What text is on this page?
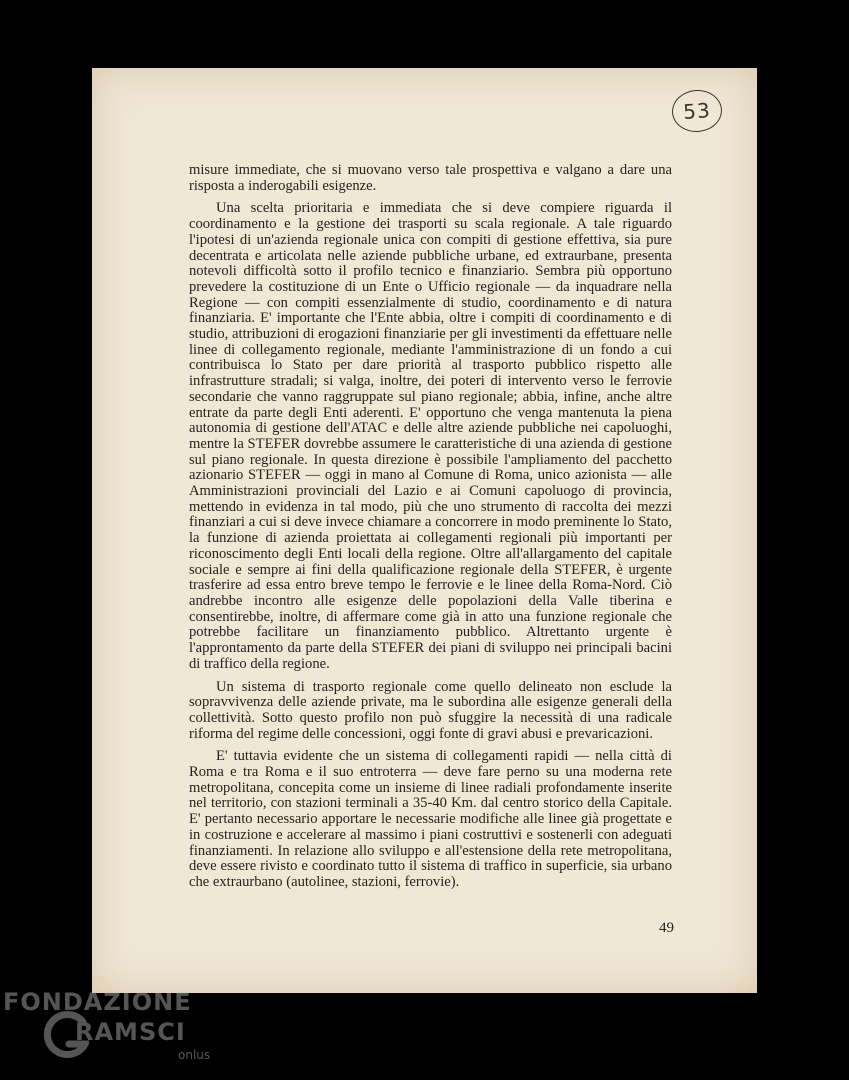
53

misure immediate, che si muovano verso tale prospettiva e valgano a dare una risposta a inderogabili esigenze.

Una scelta prioritaria e immediata che si deve compiere riguarda il coordinamento e la gestione dei trasporti su scala regionale. A tale riguardo l'ipotesi di un'azienda regionale unica con compiti di gestione effettiva, sia pure decentrata e articolata nelle aziende pubbliche urbane, ed extraurbane, presenta notevoli difficoltà sotto il profilo tecnico e finanziario. Sembra più opportuno prevedere la costituzione di un Ente o Ufficio regionale — da inquadrare nella Regione — con compiti essenzialmente di studio, coordinamento e di natura finanziaria. E' importante che l'Ente abbia, oltre i compiti di coordinamento e di studio, attribuzioni di erogazioni finanziarie per gli investimenti da effettuare nelle linee di collegamento regionale, mediante l'amministrazione di un fondo a cui contribuisca lo Stato per dare priorità al trasporto pubblico rispetto alle infrastrutture stradali; si valga, inoltre, dei poteri di intervento verso le ferrovie secondarie che vanno raggruppate sul piano regionale; abbia, infine, anche altre entrate da parte degli Enti aderenti. E' opportuno che venga mantenuta la piena autonomia di gestione dell'ATAC e delle altre aziende pubbliche nei capoluoghi, mentre la STEFER dovrebbe assumere le caratteristiche di una azienda di gestione sul piano regionale. In questa direzione è possibile l'ampliamento del pacchetto azionario STEFER — oggi in mano al Comune di Roma, unico azionista — alle Amministrazioni provinciali del Lazio e ai Comuni capoluogo di provincia, mettendo in evidenza in tal modo, più che uno strumento di raccolta dei mezzi finanziari a cui si deve invece chiamare a concorrere in modo preminente lo Stato, la funzione di azienda proiettata ai collegamenti regionali più importanti per riconoscimento degli Enti locali della regione. Oltre all'allargamento del capitale sociale e sempre ai fini della qualificazione regionale della STEFER, è urgente trasferire ad essa entro breve tempo le ferrovie e le linee della Roma-Nord. Ciò andrebbe incontro alle esigenze delle popolazioni della Valle tiberina e consentirebbe, inoltre, di affermare come già in atto una funzione regionale che potrebbe facilitare un finanziamento pubblico. Altrettanto urgente è l'approntamento da parte della STEFER dei piani di sviluppo nei principali bacini di traffico della regione.

Un sistema di trasporto regionale come quello delineato non esclude la sopravvivenza delle aziende private, ma le subordina alle esigenze generali della collettività. Sotto questo profilo non può sfuggire la necessità di una radicale riforma del regime delle concessioni, oggi fonte di gravi abusi e prevaricazioni.

E' tuttavia evidente che un sistema di collegamenti rapidi — nella città di Roma e tra Roma e il suo entroterra — deve fare perno su una moderna rete metropolitana, concepita come un insieme di linee radiali profondamente inserite nel territorio, con stazioni terminali a 35-40 Km. dal centro storico della Capitale. E' pertanto necessario apportare le necessarie modifiche alle linee già progettate e in costruzione e accelerare al massimo i piani costruttivi e sostenerli con adeguati finanziamenti. In relazione allo sviluppo e all'estensione della rete metropolitana, deve essere rivisto e coordinato tutto il sistema di traffico in superficie, sia urbano che extraurbano (autolinee, stazioni, ferrovie).

49
FONDAZIONE
RAMSCI
onlus
